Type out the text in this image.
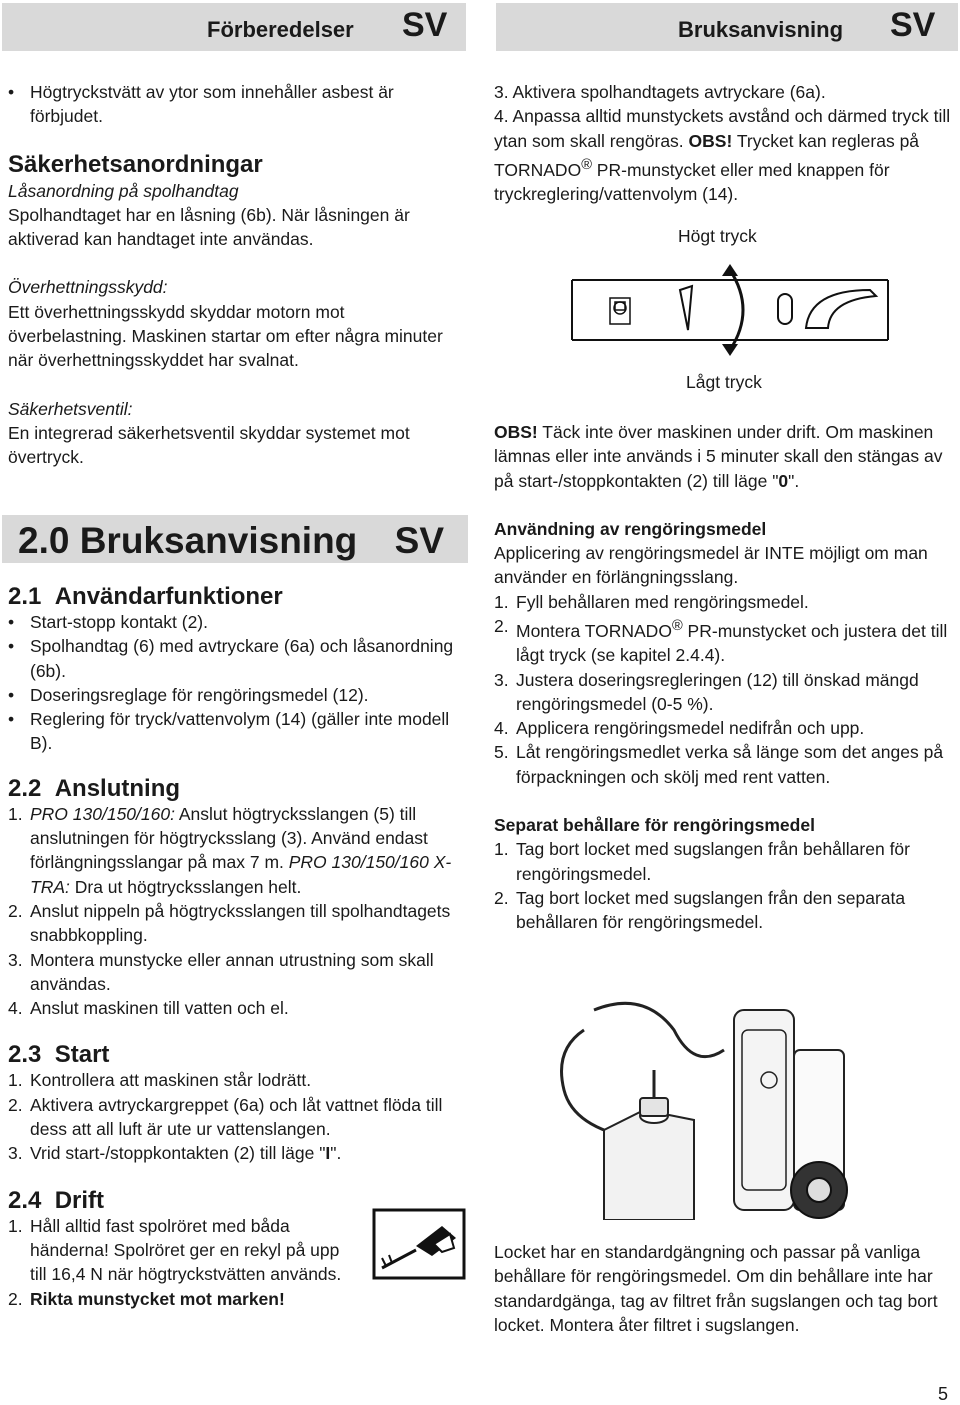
Förberedelser SV	Bruksanvisning SV

• Högtryckstvätt av ytor som innehåller asbest är förbjudet.

Säkerhetsanordningar

Låsanordning på spolhandtag

Spolhandtaget har en låsning (6b). När låsningen är aktiverad kan handtaget inte användas.

Överhettningsskydd:

Ett överhettningsskydd skyddar motorn mot överbelastning. Maskinen startar om efter några minuter när överhettningsskyddet har svalnat.

Säkerhetsventil:

En integrerad säkerhetsventil skyddar systemet mot övertryck.

2.0 Bruksanvisning SV

2.1 Användarfunktioner

• Start-stopp kontakt (2).

• Spolhandtag (6) med avtryckare (6a) och låsanordning (6b).

• Doseringsreglage för rengöringsmedel (12).

• Reglering för tryck/vattenvolym (14) (gäller inte modell B).

2.2 Anslutning

1. PRO 130/150/160: Anslut högtrycksslangen (5) till anslutningen för högtrycksslang (3). Använd endast förlängningsslangar på max 7 m. PRO 130/150/160 X-TRA: Dra ut högtrycksslangen helt.

2. Anslut nippeln på högtrycksslangen till spolhandtagets snabbkoppling.

3. Montera munstycke eller annan utrustning som skall användas.

4. Anslut maskinen till vatten och el.

2.3 Start

1. Kontrollera att maskinen står lodrätt.

2. Aktivera avtryckargreppet (6a) och låt vattnet flöda till dess att all luft är ute ur vattenslangen.

3. Vrid start-/stoppkontakten (2) till läge "I".

2.4 Drift

1. Håll alltid fast spolröret med båda händerna! Spolröret ger en rekyl på upp till 16,4 N när högtryckstvätten används.

2. Rikta munstycket mot marken!

3. Aktivera spolhandtagets avtryckare (6a).

4. Anpassa alltid munstyckets avstånd och därmed tryck till ytan som skall rengöras. OBS! Trycket kan regleras på TORNADO® PR-munstycket eller med knappen för tryckreglering/vattenvolym (14).

Högt tryck
Lågt tryck

OBS! Täck inte över maskinen under drift. Om maskinen lämnas eller inte används i 5 minuter skall den stängas av på start-/stoppkontakten (2) till läge "0".

Användning av rengöringsmedel

Applicering av rengöringsmedel är INTE möjligt om man använder en förlängningsslang.

1. Fyll behållaren med rengöringsmedel.

2. Montera TORNADO® PR-munstycket och justera det till lågt tryck (se kapitel 2.4.4).

3. Justera doseringsregleringen (12) till önskad mängd rengöringsmedel (0-5 %).

4. Applicera rengöringsmedel nedifrån och upp.

5. Låt rengöringsmedlet verka så länge som det anges på förpackningen och skölj med rent vatten.

Separat behållare för rengöringsmedel

1. Tag bort locket med sugslangen från behållaren för rengöringsmedel.

2. Tag bort locket med sugslangen från den separata behållaren för rengöringsmedel.

Locket har en standardgängning och passar på vanliga behållare för rengöringsmedel. Om din behållare inte har standardgänga, tag av filtret från sugslangen och tag bort locket. Montera åter filtret i sugslangen.

5
